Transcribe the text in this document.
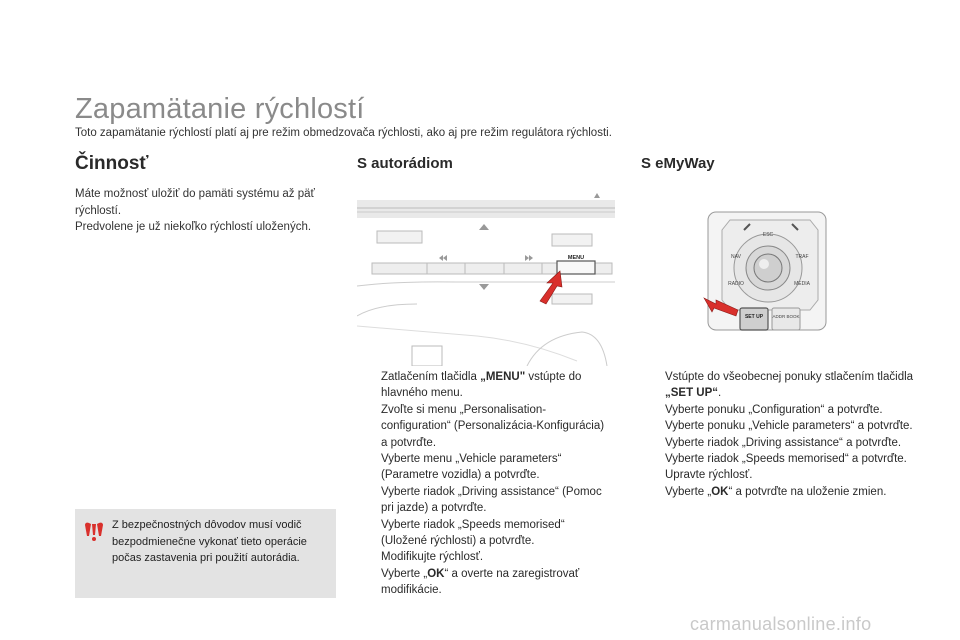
Zapamätanie rýchlostí

Toto zapamätanie rýchlostí platí aj pre režim obmedzovača rýchlosti, ako aj pre režim regulátora rýchlosti.

Činnosť	S autorádiom	S eMyWay

Máte možnosť uložiť do pamäti systému až päť rýchlostí.

Predvolene je už niekoľko rýchlostí uložených.

Z bezpečnostných dôvodov musí vodič bezpodmienečne vykonať tieto operácie počas zastavenia pri použití autorádia.

MENU
ESC
NAV	TRAF
RADIO	MEDIA
SET UP ADDR BOOK
Zatlačením tlačidla „MENU" vstúpte do hlavného menu.
Zvoľte si menu „Personalisation-configuration“ (Personalizácia-Konfigurácia) a potvrďte.
Vyberte menu „Vehicle parameters“ (Parametre vozidla) a potvrďte.
Vyberte riadok „Driving assistance“ (Pomoc pri jazde) a potvrďte.
Vyberte riadok „Speeds memorised“ (Uložené rýchlosti) a potvrďte.
Modifikujte rýchlosť.
Vyberte „OK“ a overte na zaregistrovať modifikácie.
Vstúpte do všeobecnej ponuky stlačením tlačidla „SET UP“.
Vyberte ponuku „Configuration“ a potvrďte.
Vyberte ponuku „Vehicle parameters“ a potvrďte.
Vyberte riadok „Driving assistance“ a potvrďte.
Vyberte riadok „Speeds memorised“ a potvrďte.
Upravte rýchlosť.
Vyberte „OK“ a potvrďte na uloženie zmien.
carmanualsonline.info
